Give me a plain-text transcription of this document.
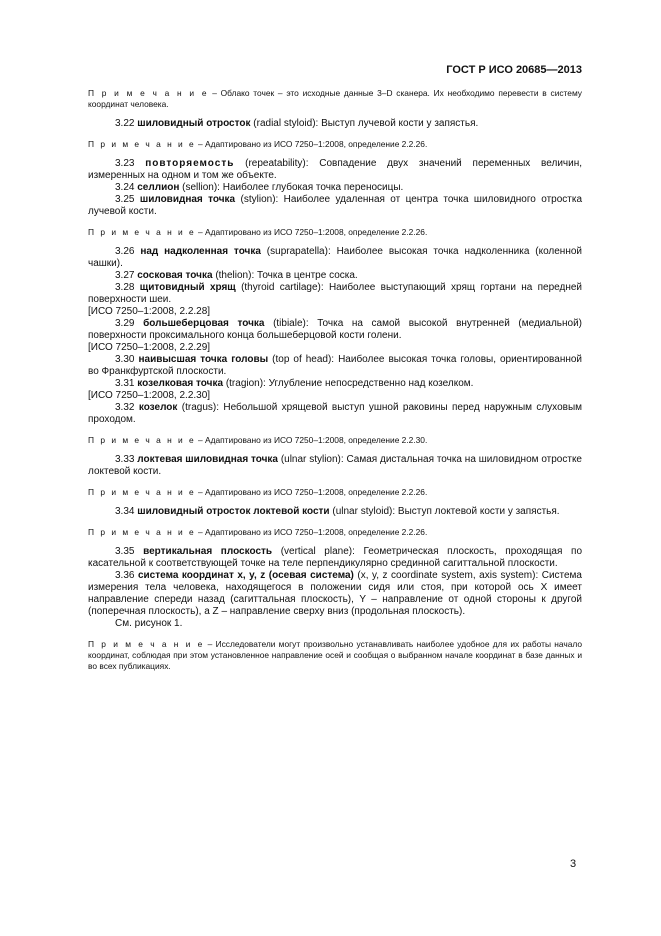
ГОСТ Р ИСО 20685—2013

П р и м е ч а н и е – Облако точек – это исходные данные 3–D сканера. Их необходимо перевести в систему координат человека.

3.22 шиловидный отросток (radial styloid): Выступ лучевой кости у запястья.

П р и м е ч а н и е – Адаптировано из ИСО 7250–1:2008, определение 2.2.26.

3.23 повторяемость (repeatability): Совпадение двух значений переменных величин, измеренных на одном и том же объекте.

3.24 селлион (sellion): Наиболее глубокая точка переносицы.

3.25 шиловидная точка (stylion): Наиболее удаленная от центра точка шиловидного отростка лучевой кости.

П р и м е ч а н и е – Адаптировано из ИСО 7250–1:2008, определение 2.2.26.

3.26 над надколенная точка (suprapatella): Наиболее высокая точка надколенника (коленной чашки).

3.27 сосковая точка (thelion): Точка в центре соска.

3.28 щитовидный хрящ (thyroid cartilage): Наиболее выступающий хрящ гортани на передней поверхности шеи.

[ИСО 7250–1:2008, 2.2.28]

3.29 большеберцовая точка (tibiale): Точка на самой высокой внутренней (медиальной) поверхности проксимального конца большеберцовой кости голени.

[ИСО 7250–1:2008, 2.2.29]

3.30 наивысшая точка головы (top of head): Наиболее высокая точка головы, ориентированной во Франкфуртской плоскости.

3.31 козелковая точка (tragion): Углубление непосредственно над козелком.

[ИСО 7250–1:2008, 2.2.30]

3.32 козелок (tragus): Небольшой хрящевой выступ ушной раковины перед наружным слуховым проходом.

П р и м е ч а н и е – Адаптировано из ИСО 7250–1:2008, определение 2.2.30.

3.33 локтевая шиловидная точка (ulnar stylion): Самая дистальная точка на шиловидном отростке локтевой кости.

П р и м е ч а н и е – Адаптировано из ИСО 7250–1:2008, определение 2.2.26.

3.34 шиловидный отросток локтевой кости (ulnar styloid): Выступ локтевой кости у запястья.

П р и м е ч а н и е – Адаптировано из ИСО 7250–1:2008, определение 2.2.26.

3.35 вертикальная плоскость (vertical plane): Геометрическая плоскость, проходящая по касательной к соответствующей точке на теле перпендикулярно срединной сагиттальной плоскости.

3.36 система координат x, y, z (осевая система) (x, y, z coordinate system, axis system): Система измерения тела человека, находящегося в положении сидя или стоя, при которой ось X имеет направление спереди назад (сагиттальная плоскость), Y – направление от одной стороны к другой (поперечная плоскость), а Z – направление сверху вниз (продольная плоскость).

См. рисунок 1.

П р и м е ч а н и е – Исследователи могут произвольно устанавливать наиболее удобное для их работы начало координат, соблюдая при этом установленное направление осей и сообщая о выбранном начале координат в базе данных и во всех публикациях.

3
